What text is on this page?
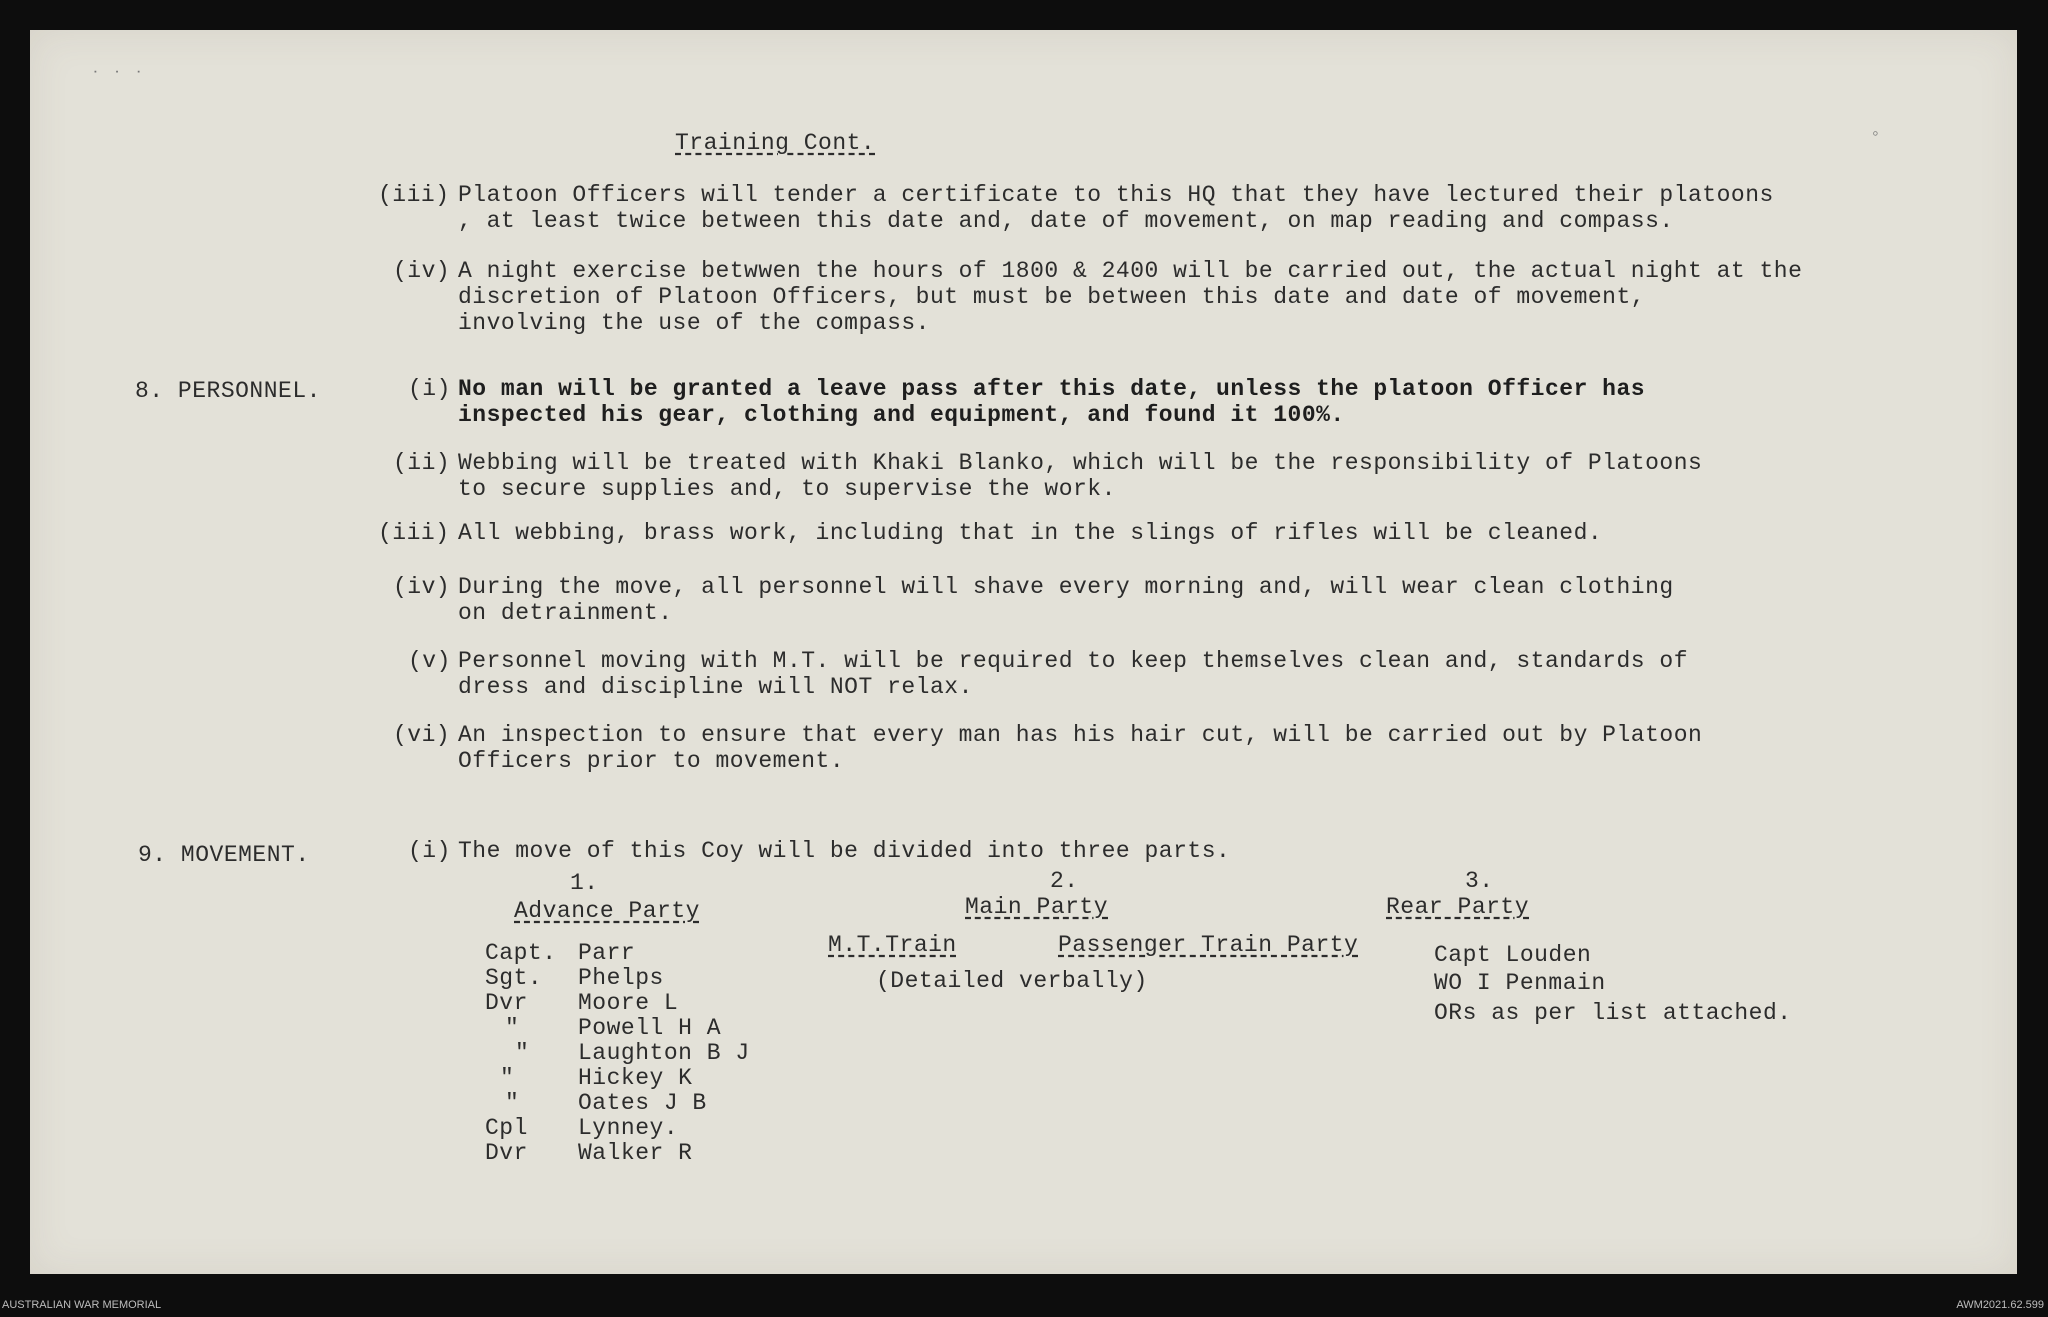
˙ ˙ ˙
◦
Training Cont.
(iii) Platoon Officers will tender a certificate to this HQ that they have lectured their platoons
, at least twice between this date and, date of movement, on map reading and compass.
(iv) A night exercise betwwen the hours of 1800 & 2400 will be carried out, the actual night at the
discretion of Platoon Officers, but must be between this date and date of movement,
involving the use of the compass.
8. PERSONNEL.	(i) No man will be granted a leave pass after this date, unless the platoon Officer has
inspected his gear, clothing and equipment, and found it 100%.
(ii) Webbing will be treated with Khaki Blanko, which will be the responsibility of Platoons
to secure supplies and, to supervise the work.
(iii) All webbing, brass work, including that in the slings of rifles will be cleaned.
(iv) During the move, all personnel will shave every morning and, will wear clean clothing
on detrainment.
(v) Personnel moving with M.T. will be required to keep themselves clean and, standards of
dress and discipline will NOT relax.
(vi) An inspection to ensure that every man has his hair cut, will be carried out by Platoon
Officers prior to movement.
9. MOVEMENT.	(i) The move of this Coy will be divided into three parts.
1.
Advance Party
Capt. Parr
Sgt. Phelps
Dvr Moore L
"	Powell H A
" Laughton B J
"	Hickey K
"	Oates J B
Cpl Lynney.
Dvr Walker R
2.
Main Party
M.T.Train	Passenger Train Party
(Detailed verbally)
3.
Rear Party
Capt Louden
WO I Penmain
ORs as per list attached.
AUSTRALIAN WAR MEMORIAL	AWM2021.62.599
